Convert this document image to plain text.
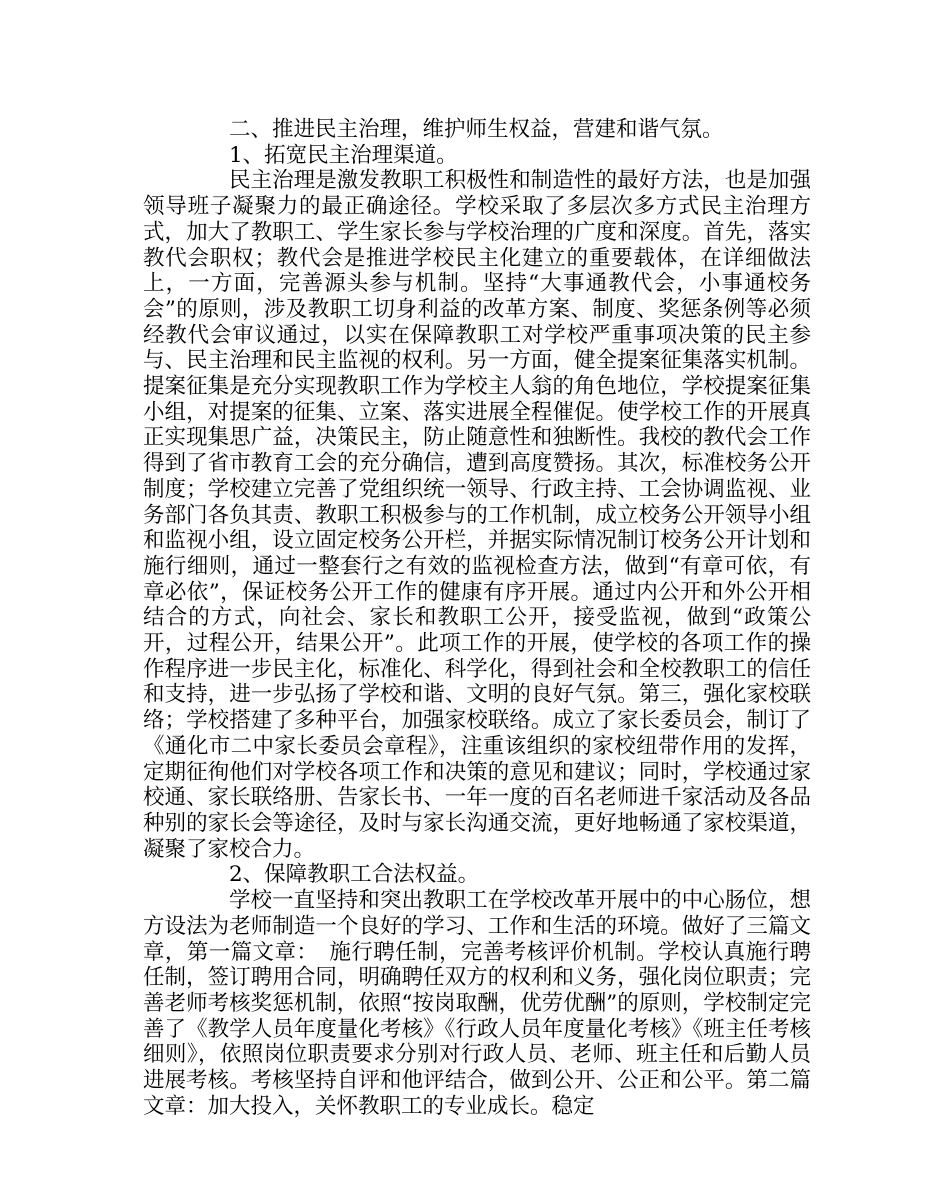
二、推进民主治理，维护师生权益，营建和谐气氛。

1、拓宽民主治理渠道。

民主治理是激发教职工积极性和制造性的最好方法，也是加强领导班子凝聚力的最正确途径。学校采取了多层次多方式民主治理方式，加大了教职工、学生家长参与学校治理的广度和深度。首先，落实教代会职权；教代会是推进学校民主化建立的重要载体，在详细做法上，一方面，完善源头参与机制。坚持“大事通教代会，小事通校务会”的原则，涉及教职工切身利益的改革方案、制度、奖惩条例等必须经教代会审议通过，以实在保障教职工对学校严重事项决策的民主参与、民主治理和民主监视的权利。另一方面，健全提案征集落实机制。提案征集是充分实现教职工作为学校主人翁的角色地位，学校提案征集小组，对提案的征集、立案、落实进展全程催促。使学校工作的开展真正实现集思广益，决策民主，防止随意性和独断性。我校的教代会工作得到了省市教育工会的充分确信，遭到高度赞扬。其次，标准校务公开制度；学校建立完善了党组织统一领导、行政主持、工会协调监视、业务部门各负其责、教职工积极参与的工作机制，成立校务公开领导小组和监视小组，设立固定校务公开栏，并据实际情况制订校务公开计划和施行细则，通过一整套行之有效的监视检查方法，做到“有章可依，有章必依”，保证校务公开工作的健康有序开展。通过内公开和外公开相结合的方式，向社会、家长和教职工公开，接受监视，做到“政策公开，过程公开，结果公开”。此项工作的开展，使学校的各项工作的操作程序进一步民主化，标准化、科学化，得到社会和全校教职工的信任和支持，进一步弘扬了学校和谐、文明的良好气氛。第三，强化家校联络；学校搭建了多种平台，加强家校联络。成立了家长委员会，制订了《通化市二中家长委员会章程》，注重该组织的家校纽带作用的发挥，定期征徇他们对学校各项工作和决策的意见和建议；同时，学校通过家校通、家长联络册、告家长书、一年一度的百名老师进千家活动及各品种别的家长会等途径，及时与家长沟通交流，更好地畅通了家校渠道，凝聚了家校合力。

2、保障教职工合法权益。

学校一直坚持和突出教职工在学校改革开展中的中心肠位，想方设法为老师制造一个良好的学习、工作和生活的环境。做好了三篇文章，第一篇文章：　施行聘任制，完善考核评价机制。学校认真施行聘任制，签订聘用合同，明确聘任双方的权利和义务，强化岗位职责；完善老师考核奖惩机制，依照“按岗取酬，优劳优酬”的原则，学校制定完善了《教学人员年度量化考核》《行政人员年度量化考核》《班主任考核细则》，依照岗位职责要求分别对行政人员、老师、班主任和后勤人员进展考核。考核坚持自评和他评结合，做到公开、公正和公平。第二篇文章：加大投入，关怀教职工的专业成长。稳定
